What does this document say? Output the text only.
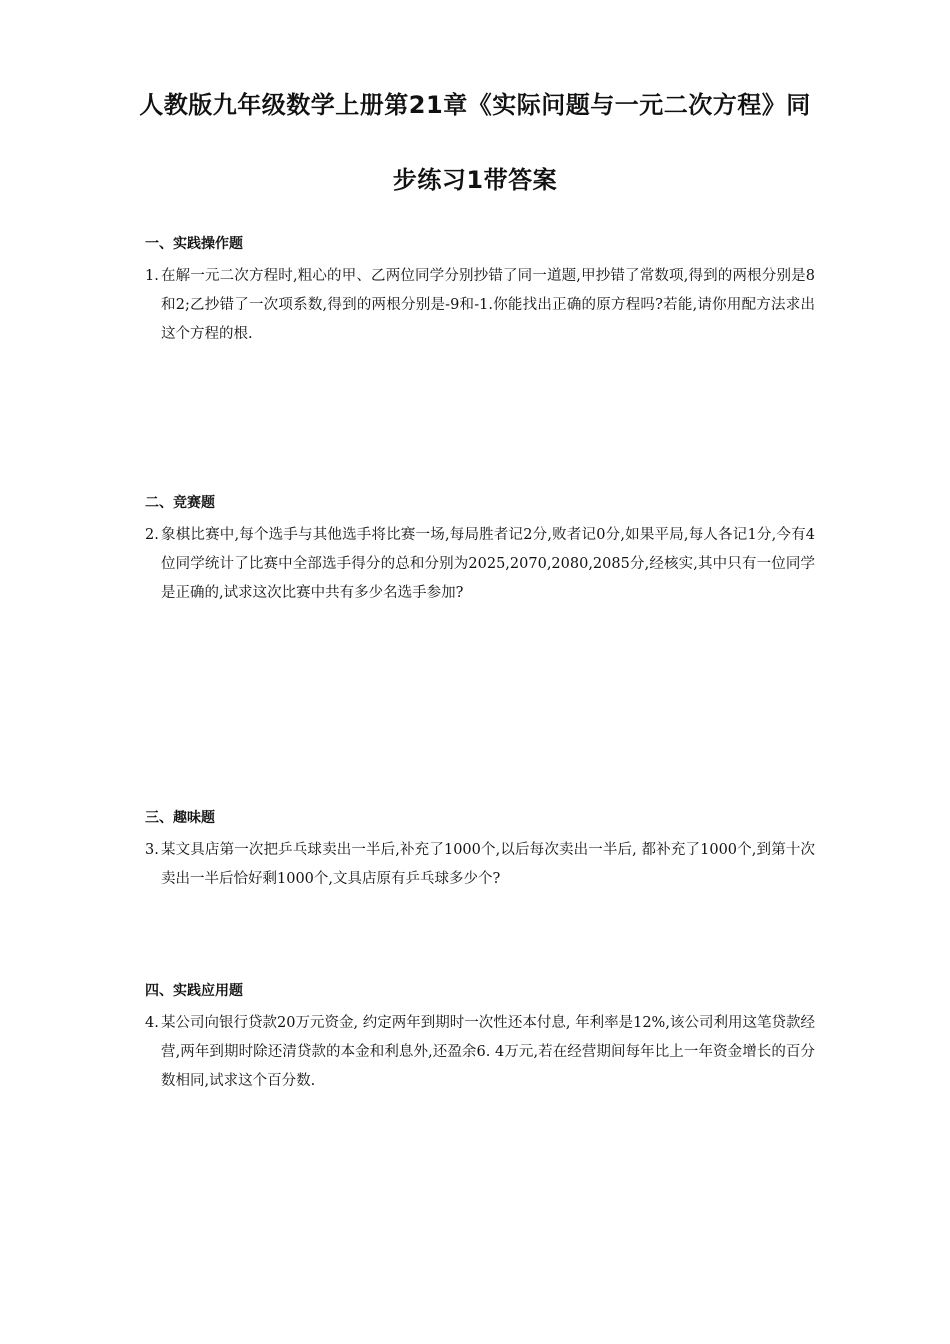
人教版九年级数学上册第21章《实际问题与一元二次方程》同
步练习1带答案
一、实践操作题
1. 在解一元二次方程时,粗心的甲、乙两位同学分别抄错了同一道题,甲抄错了常数项,得到的两根分别是8和2;乙抄错了一次项系数,得到的两根分别是-9和-1.你能找出正确的原方程吗?若能,请你用配方法求出这个方程的根.
二、竞赛题
2. 象棋比赛中,每个选手与其他选手将比赛一场,每局胜者记2分,败者记0分,如果平局,每人各记1分,今有4 位同学统计了比赛中全部选手得分的总和分别为2025,2070,2080,2085分,经核实,其中只有一位同学是正确的,试求这次比赛中共有多少名选手参加?
三、趣味题
3. 某文具店第一次把乒乓球卖出一半后,补充了1000个,以后每次卖出一半后, 都补充了1000个,到第十次卖出一半后恰好剩1000个,文具店原有乒乓球多少个?
四、实践应用题
4. 某公司向银行贷款20万元资金, 约定两年到期时一次性还本付息, 年利率是12%,该公司利用这笔贷款经营,两年到期时除还清贷款的本金和利息外,还盈余6. 4万元,若在经营期间每年比上一年资金增长的百分数相同,试求这个百分数.
